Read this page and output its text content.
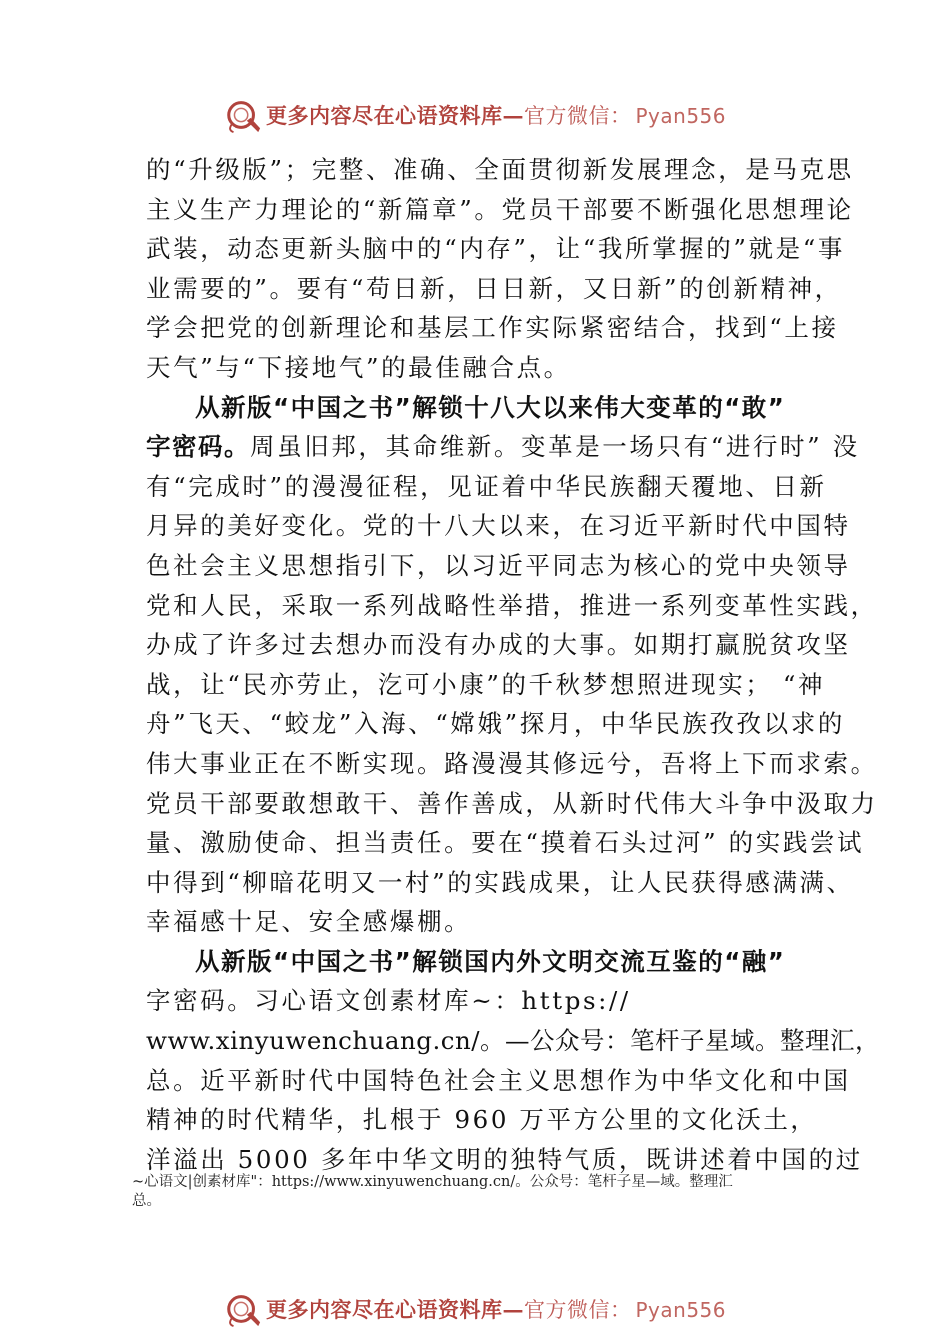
更多内容尽在心语资料库—官方微信： Pyan556
的“升级版”；完整、准确、全面贯彻新发展理念，是马克思
主义生产力理论的“新篇章”。党员干部要不断强化思想理论
武装，动态更新头脑中的“内存”，让“我所掌握的”就是“事
业需要的”。要有“苟日新，日日新，又日新”的创新精神，
学会把党的创新理论和基层工作实际紧密结合，找到“上接
天气”与“下接地气”的最佳融合点。
从新版“中国之书”解锁十八大以来伟大变革的“敢”
字密码。周虽旧邦，其命维新。变革是一场只有“进行时” 没
有“完成时”的漫漫征程，见证着中华民族翻天覆地、日新
月异的美好变化。党的十八大以来，在习近平新时代中国特
色社会主义思想指引下，以习近平同志为核心的党中央领导
党和人民，采取一系列战略性举措，推进一系列变革性实践，
办成了许多过去想办而没有办成的大事。如期打赢脱贫攻坚
战，让“民亦劳止，汔可小康”的千秋梦想照进现实； “神
舟”飞天、“蛟龙”入海、“嫦娥”探月，中华民族孜孜以求的
伟大事业正在不断实现。路漫漫其修远兮，吾将上下而求索。
党员干部要敢想敢干、善作善成，从新时代伟大斗争中汲取力
量、激励使命、担当责任。要在“摸着石头过河” 的实践尝试
中得到“柳暗花明又一村”的实践成果，让人民获得感满满、
幸福感十足、安全感爆棚。
从新版“中国之书”解锁国内外文明交流互鉴的“融”
字密码。习心语文创素材库~：https://
www.xinyuwenchuang.cn/。—公众号：笔杆子星域。整理汇，
总。近平新时代中国特色社会主义思想作为中华文化和中国
精神的时代精华，扎根于 960 万平方公里的文化沃土，
洋溢出 5000 多年中华文明的独特气质，既讲述着中国的过
~心语文|创素材库"：https://www.xinyuwenchuang.cn/。公众号：笔杆子星—域。整理汇
总。
更多内容尽在心语资料库—官方微信： Pyan556
